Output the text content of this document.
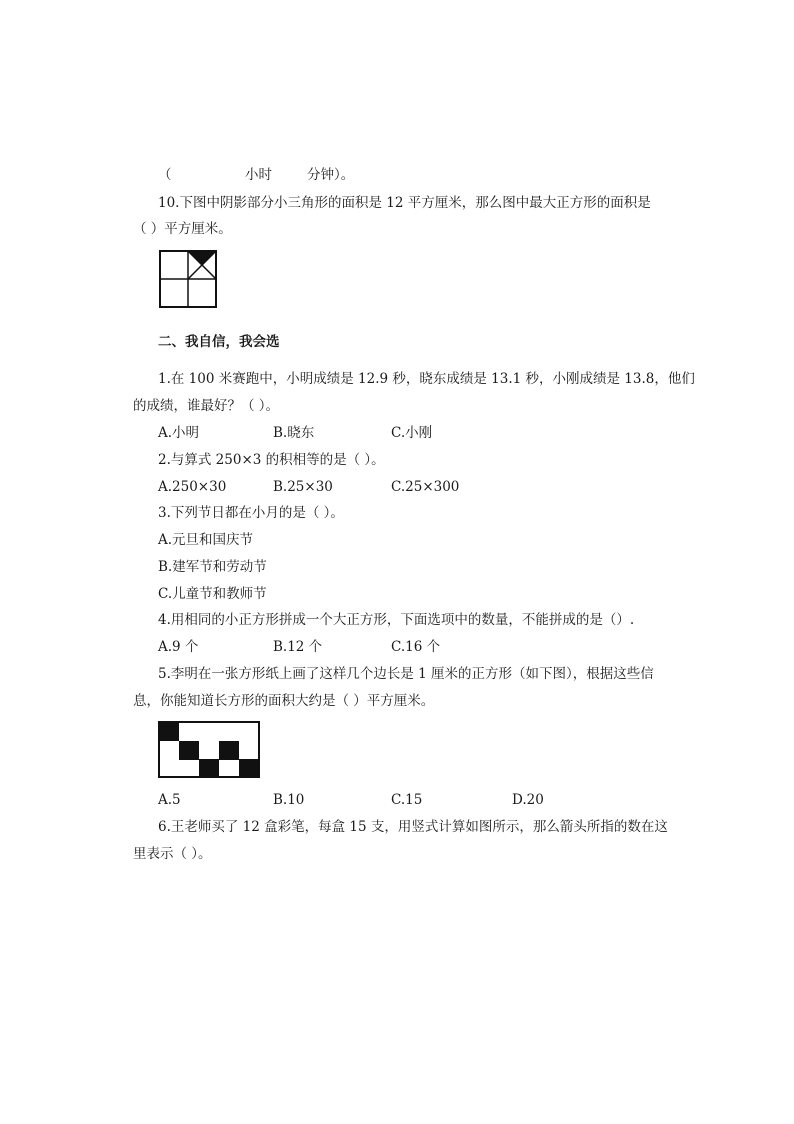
（	小时	分钟）。
10.下图中阴影部分小三角形的面积是 12 平方厘米，那么图中最大正方形的面积是
（ ）平方厘米。
二、我自信，我会选
1.在 100 米赛跑中，小明成绩是 12.9 秒，晓东成绩是 13.1 秒，小刚成绩是 13.8，他们
的成绩，谁最好？（ ）。
A.小明	B.晓东	C.小刚
2.与算式 250×3 的积相等的是（ ）。
A.250×30	B.25×30	C.25×300
3.下列节日都在小月的是（ ）。
A.元旦和国庆节
B.建军节和劳动节
C.儿童节和教师节
4.用相同的小正方形拼成一个大正方形，下面选项中的数量，不能拼成的是（）.
A.9 个	B.12 个	C.16 个
5.李明在一张方形纸上画了这样几个边长是 1 厘米的正方形（如下图），根据这些信
息，你能知道长方形的面积大约是（ ）平方厘米。
A.5	B.10	C.15	D.20
6.王老师买了 12 盒彩笔，每盒 15 支，用竖式计算如图所示，那么箭头所指的数在这
里表示（ ）。
